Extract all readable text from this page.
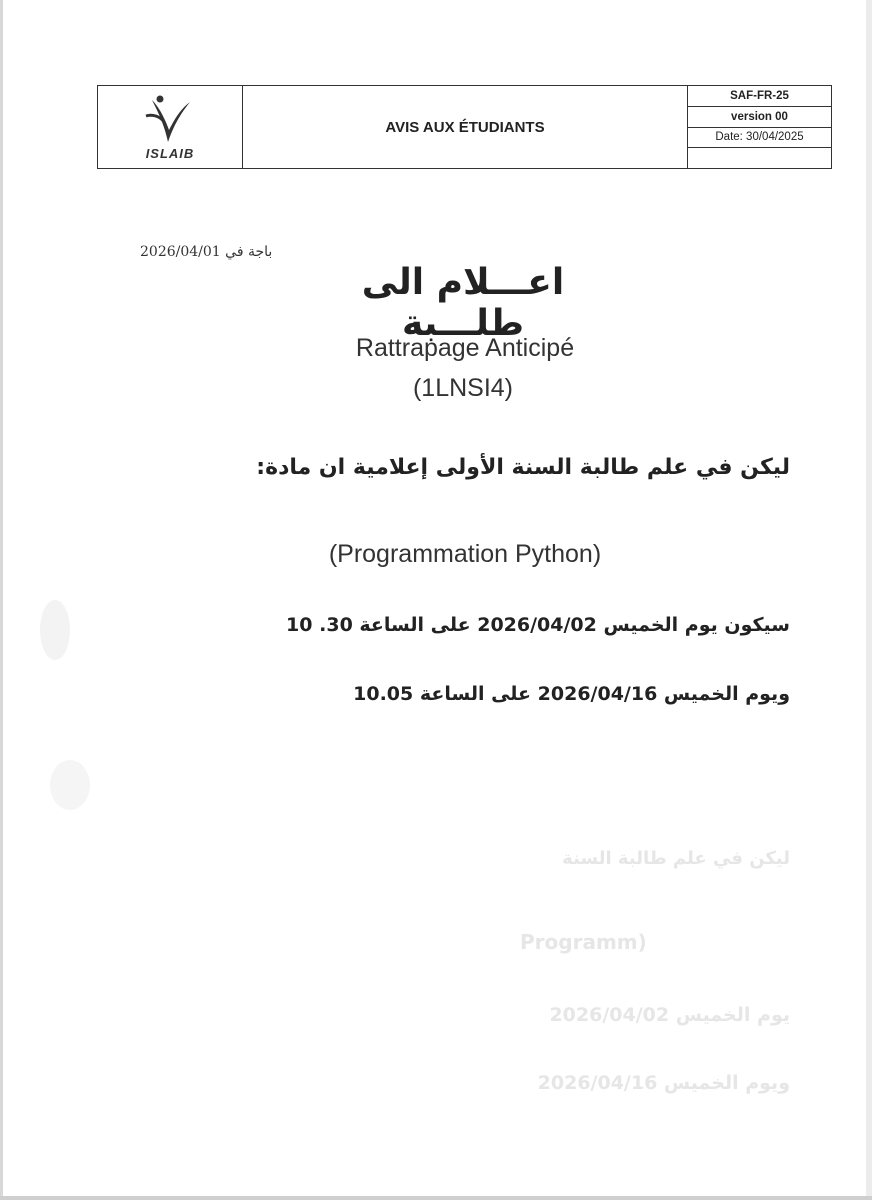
ISLAIB
AVIS AUX ÉTUDIANTS
SAF-FR-25
version 00
Date: 30/04/2025
باجة في 2026/04/01
اعـــلام الى طلـــبة
Rattrapage Anticipé
(1LNSI4)
ليكن في علم طالبة السنة الأولى إعلامية ان مادة:
(Programmation Python)
سيكون يوم الخميس 2026/04/02 على الساعة 30. 10
ويوم الخميس 2026/04/16 على الساعة 10.05
ليكن في علم طالبة السنة
(Programm
يوم الخميس 2026/04/02
ويوم الخميس 2026/04/16
